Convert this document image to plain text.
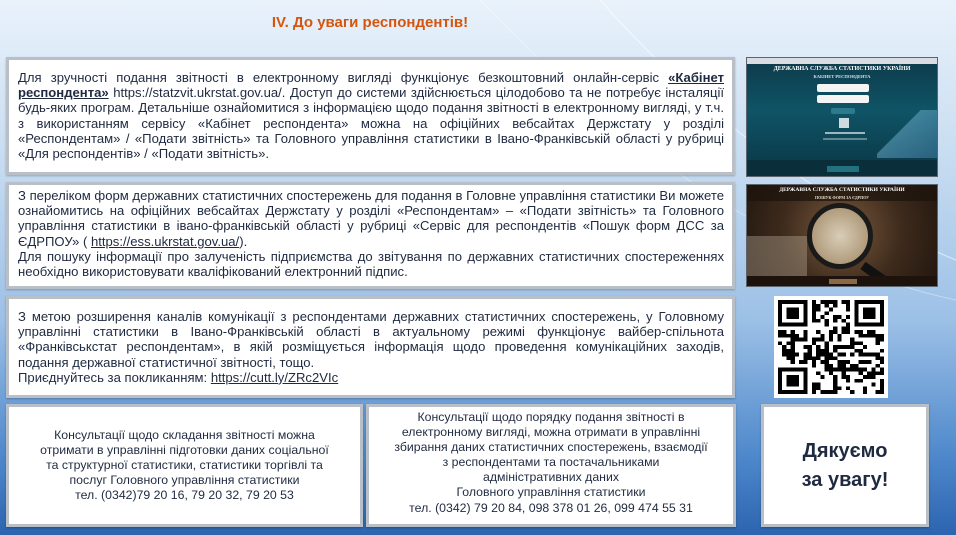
IV. До уваги респондентів!

Для зручності подання звітності в електронному вигляді функціонує безкоштовний онлайн-сервіс «Кабінет респондента» https://statzvit.ukrstat.gov.ua/. Доступ до системи здійснюється цілодобово та не потребує інсталяції будь-яких програм. Детальніше ознайомитися з інформацією щодо подання звітності в електронному вигляді, у т.ч. з використанням сервісу «Кабінет респондента» можна на офіційних вебсайтах Держстату у розділі «Респондентам» / «Подати звітність» та Головного управління статистики в Івано-Франківській області у рубриці «Для респондентів» / «Подати звітність».

З переліком форм державних статистичних спостережень для подання в Головне управління статистики Ви можете ознайомитись на офіційних вебсайтах Держстату у розділі «Респондентам» – «Подати звітність» та Головного управління статистики в івано-франківській області у рубриці «Сервіс для респондентів «Пошук форм ДСС за ЄДРПОУ» ( https://ess.ukrstat.gov.ua/).

Для пошуку інформації про залученість підприємства до звітування по державних статистичних спостереженнях необхідно використовувати кваліфікований електронний підпис.

З метою розширення каналів комунікації з респондентами державних статистичних спостережень, у Головному управлінні статистики в Івано-Франківській області в актуальному режимі функціонує вайбер-спільнота «Франківськстат респондентам», в якій розміщується інформація щодо проведення комунікаційних заходів, подання державної статистичної звітності, тощо.

Приєднуйтесь за покликанням: https://cutt.ly/ZRc2VIc

Консультації щодо складання звітності можна
отримати в управлінні підготовки даних соціальної
та структурної статистики, статистики торгівлі та
послуг Головного управління статистики
тел. (0342)79 20 16, 79 20 32, 79 20 53
Консультації щодо порядку подання звітності в
електронному вигляді, можна отримати в управлінні
збирання даних статистичних спостережень, взаємодії
з респондентами та постачальниками
адміністративних даних
Головного управління статистики
тел. (0342) 79 20 84, 098 378 01 26, 099 474 55 31
Дякуємо
за увагу!
ДЕРЖАВНА СЛУЖБА СТАТИСТИКИ УКРАЇНИ
КАБІНЕТ РЕСПОНДЕНТА
ДЕРЖАВНА СЛУЖБА СТАТИСТИКИ УКРАЇНИ
ПОШУК ФОРМ ЗА ЄДРПОУ
